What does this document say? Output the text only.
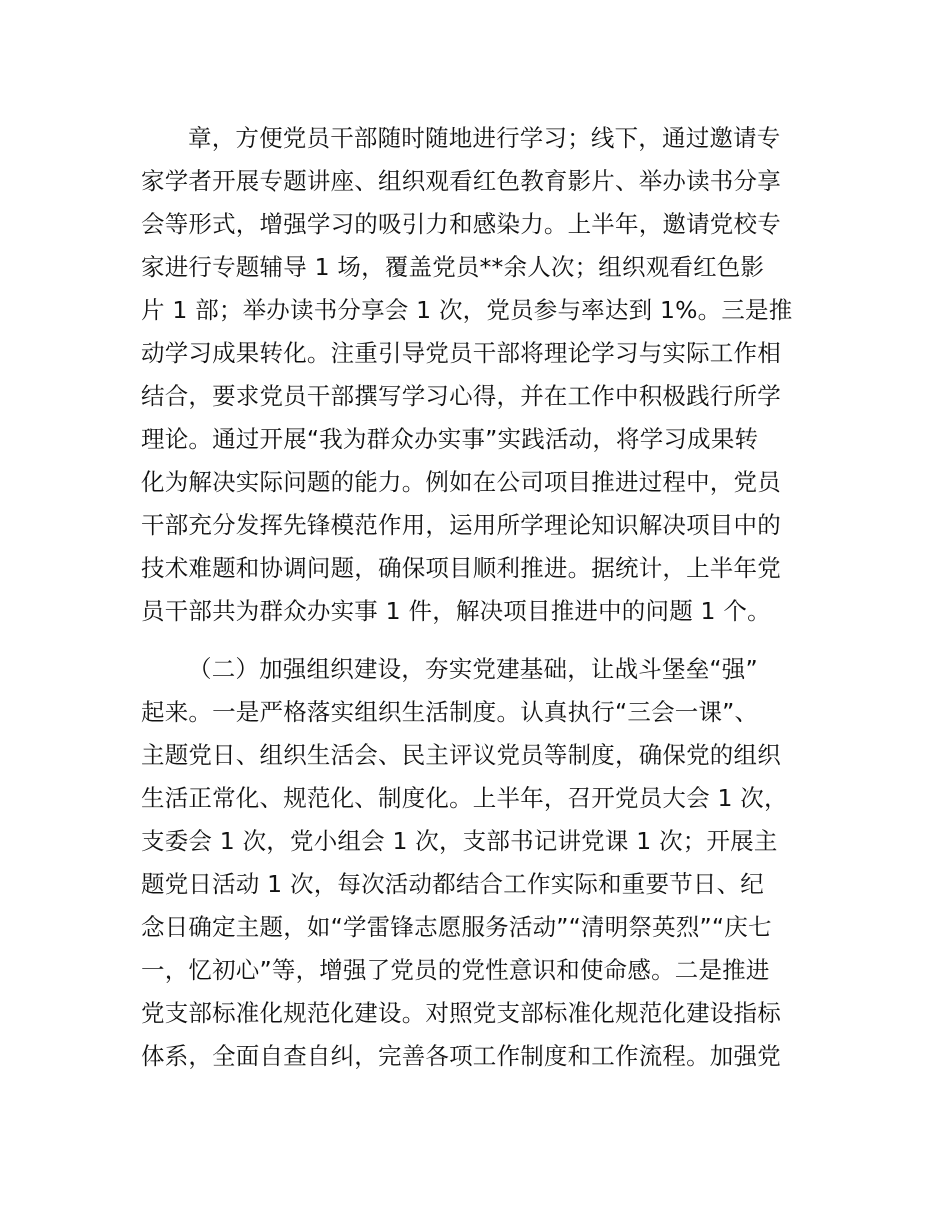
章，方便党员干部随时随地进行学习；线下，通过邀请专
家学者开展专题讲座、组织观看红色教育影片、举办读书分享
会等形式，增强学习的吸引力和感染力。上半年，邀请党校专
家进行专题辅导 1 场，覆盖党员**余人次；组织观看红色影
片 1 部；举办读书分享会 1 次，党员参与率达到 1%。三是推
动学习成果转化。注重引导党员干部将理论学习与实际工作相
结合，要求党员干部撰写学习心得，并在工作中积极践行所学
理论。通过开展“我为群众办实事”实践活动，将学习成果转
化为解决实际问题的能力。例如在公司项目推进过程中，党员
干部充分发挥先锋模范作用，运用所学理论知识解决项目中的
技术难题和协调问题，确保项目顺利推进。据统计，上半年党
员干部共为群众办实事 1 件，解决项目推进中的问题 1 个。
（二）加强组织建设，夯实党建基础，让战斗堡垒“强”
起来。一是严格落实组织生活制度。认真执行“三会一课”、
主题党日、组织生活会、民主评议党员等制度，确保党的组织
生活正常化、规范化、制度化。上半年，召开党员大会 1 次，
支委会 1 次，党小组会 1 次，支部书记讲党课 1 次；开展主
题党日活动 1 次，每次活动都结合工作实际和重要节日、纪
念日确定主题，如“学雷锋志愿服务活动”“清明祭英烈”“庆七
一，忆初心”等，增强了党员的党性意识和使命感。二是推进
党支部标准化规范化建设。对照党支部标准化规范化建设指标
体系，全面自查自纠，完善各项工作制度和工作流程。加强党
